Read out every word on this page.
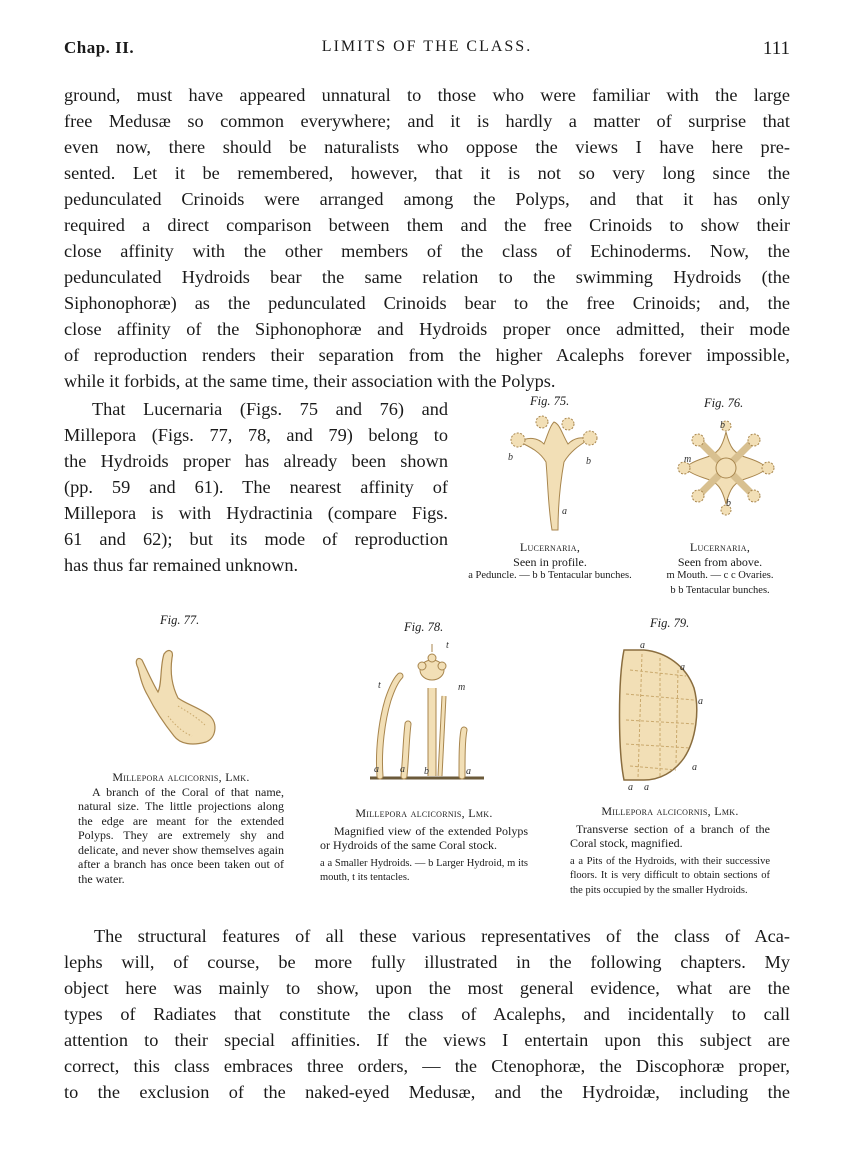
Chap. II.	LIMITS OF THE CLASS.	111
ground, must have appeared unnatural to those who were familiar with the large
free Medusæ so common everywhere; and it is hardly a matter of surprise that
even now, there should be naturalists who oppose the views I have here pre-
sented. Let it be remembered, however, that it is not so very long since the
pedunculated Crinoids were arranged among the Polyps, and that it has only
required a direct comparison between them and the free Crinoids to show their
close affinity with the other members of the class of Echinoderms. Now, the
pedunculated Hydroids bear the same relation to the swimming Hydroids (the
Siphonophoræ) as the pedunculated Crinoids bear to the free Crinoids; and, the
close affinity of the Siphonophoræ and Hydroids proper once admitted, their mode
of reproduction renders their separation from the higher Acalephs forever impossible,
while it forbids, at the same time, their association with the Polyps.
That Lucernaria (Figs. 75 and 76) and
Millepora (Figs. 77, 78, and 79) belong to
the Hydroids proper has already been shown
(pp. 59 and 61). The nearest affinity of
Millepora is with Hydractinia (compare Figs.
61 and 62); but its mode of reproduction
has thus far remained unknown.
Fig. 75.
b	b
a
Lucernaria,
Seen in profile.
a Peduncle. — b b Tentacular bunches.
Fig. 76.
b
m
b
Lucernaria,
Seen from above.
m Mouth. — c c Ovaries.
b b Tentacular bunches.
Fig. 77.
Millepora alcicornis, Lmk.
A branch of the Coral of that name, natural size. The little projections along the edge are meant for the extended Polyps. They are extremely shy and delicate, and never show themselves again after a branch has once been taken out of the water.
Fig. 78.
t
t	m
a a b	a
Millepora alcicornis, Lmk.
Magnified view of the extended Polyps or Hydroids of the same Coral stock.
a a Smaller Hydroids. — b Larger Hydroid, m its mouth, t its tentacles.
Fig. 79.
a
a
a
a
a a
Millepora alcicornis, Lmk.
Transverse section of a branch of the Coral stock, magnified.
a a Pits of the Hydroids, with their successive floors. It is very difficult to obtain sections of the pits occupied by the smaller Hydroids.
The structural features of all these various representatives of the class of Aca-
lephs will, of course, be more fully illustrated in the following chapters. My
object here was mainly to show, upon the most general evidence, what are the
types of Radiates that constitute the class of Acalephs, and incidentally to call
attention to their special affinities. If the views I entertain upon this subject are
correct, this class embraces three orders, — the Ctenophoræ, the Discophoræ proper,
to the exclusion of the naked-eyed Medusæ, and the Hydroidæ, including the
